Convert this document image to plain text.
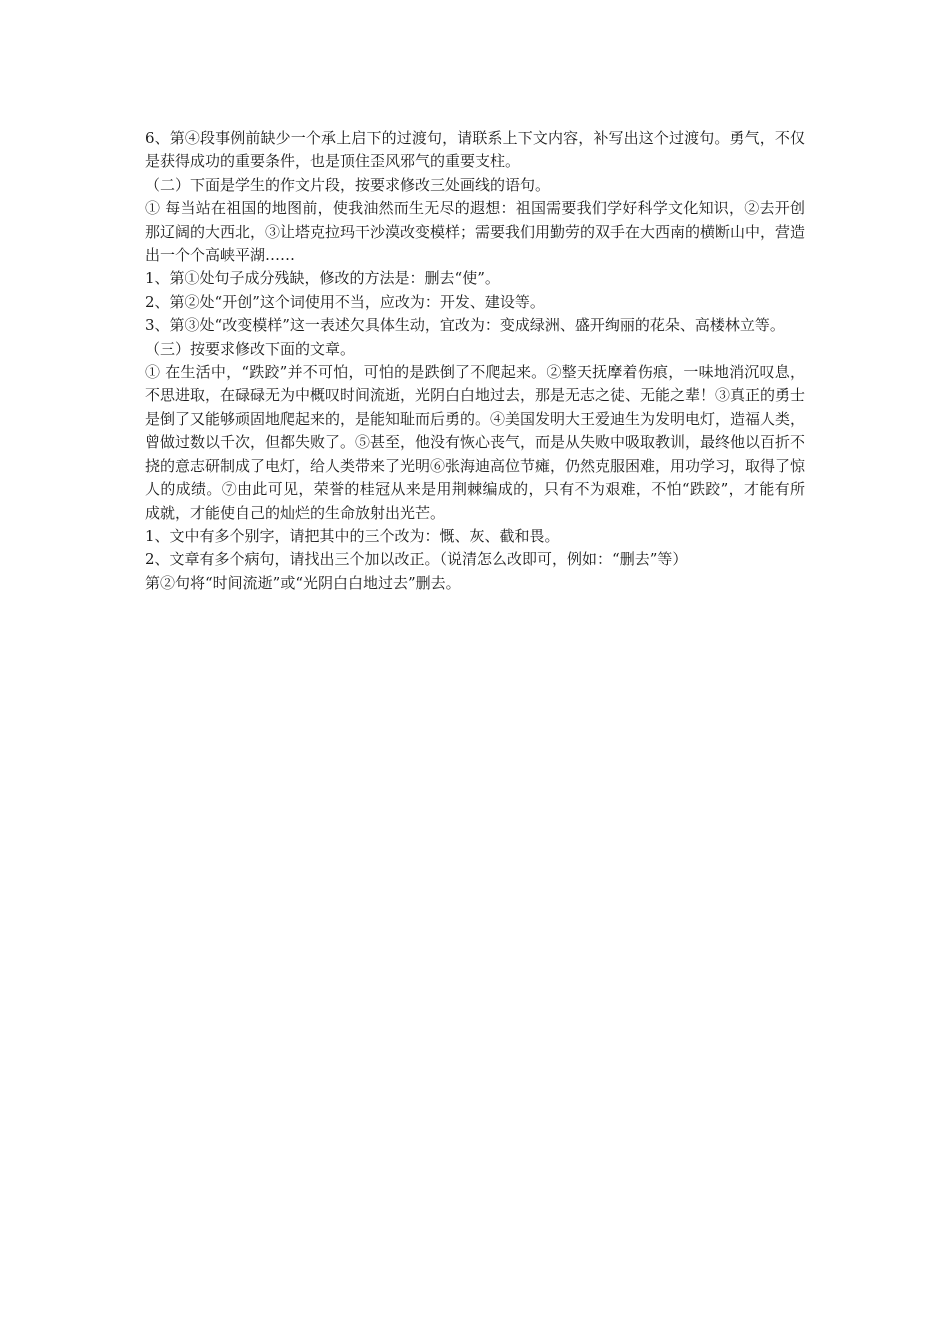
6、第④段事例前缺少一个承上启下的过渡句，请联系上下文内容，补写出这个过渡句。勇气，不仅是获得成功的重要条件，也是顶住歪风邪气的重要支柱。

（二）下面是学生的作文片段，按要求修改三处画线的语句。

① 每当站在祖国的地图前，使我油然而生无尽的遐想：祖国需要我们学好科学文化知识，②去开创那辽阔的大西北，③让塔克拉玛干沙漠改变模样；需要我们用勤劳的双手在大西南的横断山中，营造出一个个高峡平湖……

1、第①处句子成分残缺，修改的方法是：删去“使”。

2、第②处“开创”这个词使用不当，应改为：开发、建设等。

3、第③处“改变模样”这一表述欠具体生动，宜改为：变成绿洲、盛开绚丽的花朵、高楼林立等。

（三）按要求修改下面的文章。

① 在生活中，“跌跤”并不可怕，可怕的是跌倒了不爬起来。②整天抚摩着伤痕，一味地消沉叹息，不思进取，在碌碌无为中概叹时间流逝，光阴白白地过去，那是无志之徒、无能之辈！③真正的勇士是倒了又能够顽固地爬起来的，是能知耻而后勇的。④美国发明大王爱迪生为发明电灯，造福人类，曾做过数以千次，但都失败了。⑤甚至，他没有恢心丧气，而是从失败中吸取教训，最终他以百折不挠的意志研制成了电灯，给人类带来了光明⑥张海迪高位节瘫，仍然克服困难，用功学习，取得了惊人的成绩。⑦由此可见，荣誉的桂冠从来是用荆棘编成的，只有不为艰难，不怕“跌跤”，才能有所成就，才能使自己的灿烂的生命放射出光芒。

1、文中有多个别字，请把其中的三个改为：慨、灰、截和畏。

2、文章有多个病句，请找出三个加以改正。（说清怎么改即可，例如：“删去”等）

第②句将“时间流逝”或“光阴白白地过去”删去。
